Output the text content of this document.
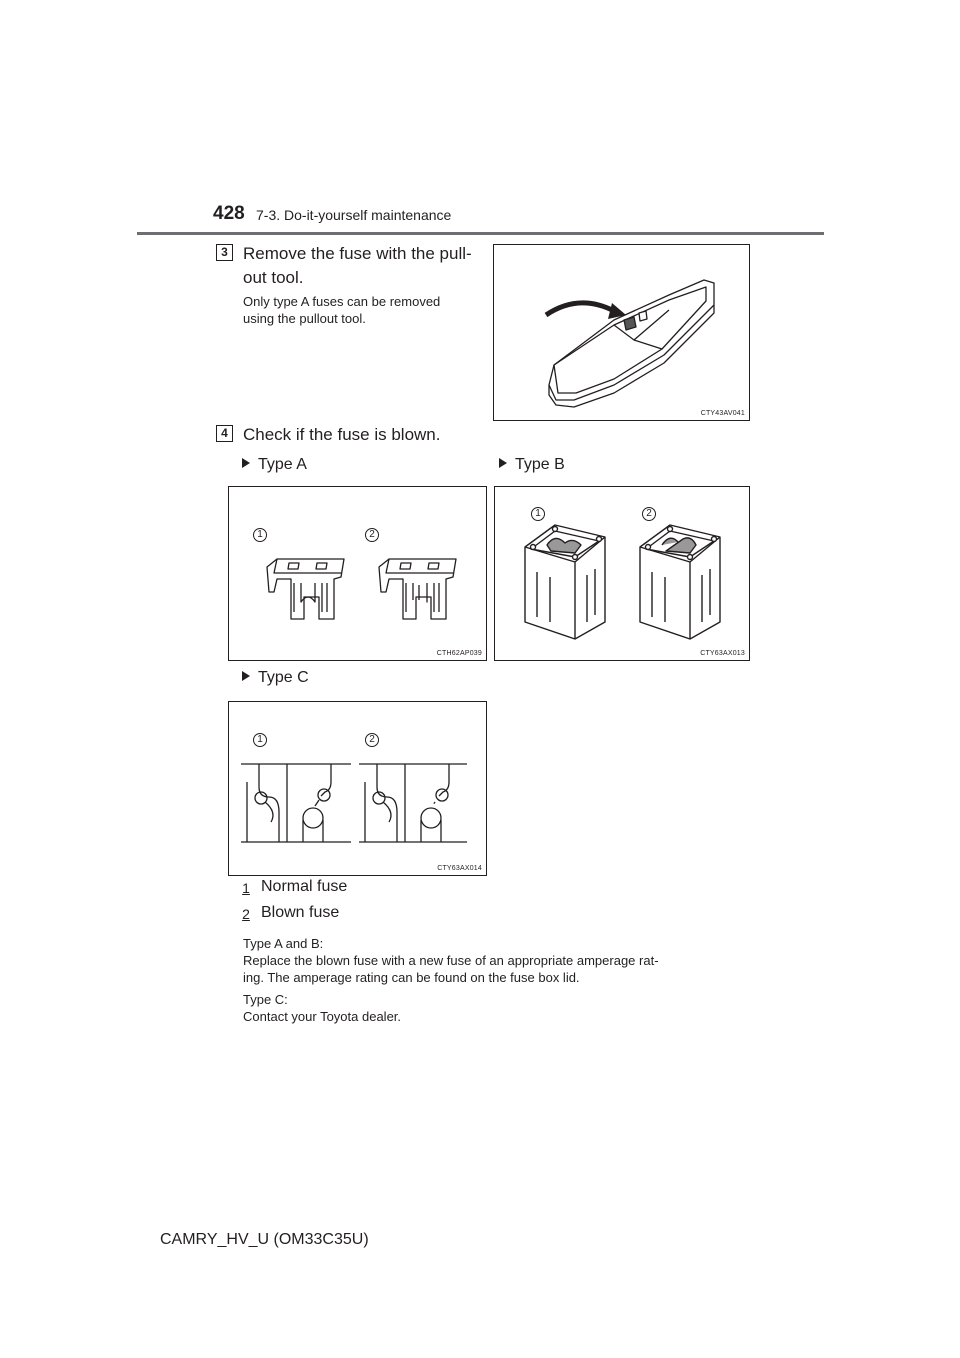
428 7-3. Do-it-yourself maintenance
3 Remove the fuse with the pull-
out tool.
Only type A fuses can be removed
using the pullout tool.
CTY43AV041
4 Check if the fuse is blown.
Type A	Type B
1	2
CTH62AP039
1	2
CTY63AX013
Type C
1	2
CTY63AX014
1 Normal fuse
2 Blown fuse
Type A and B:
Replace the blown fuse with a new fuse of an appropriate amperage rat-
ing. The amperage rating can be found on the fuse box lid.
Type C:
Contact your Toyota dealer.
CAMRY_HV_U (OM33C35U)
